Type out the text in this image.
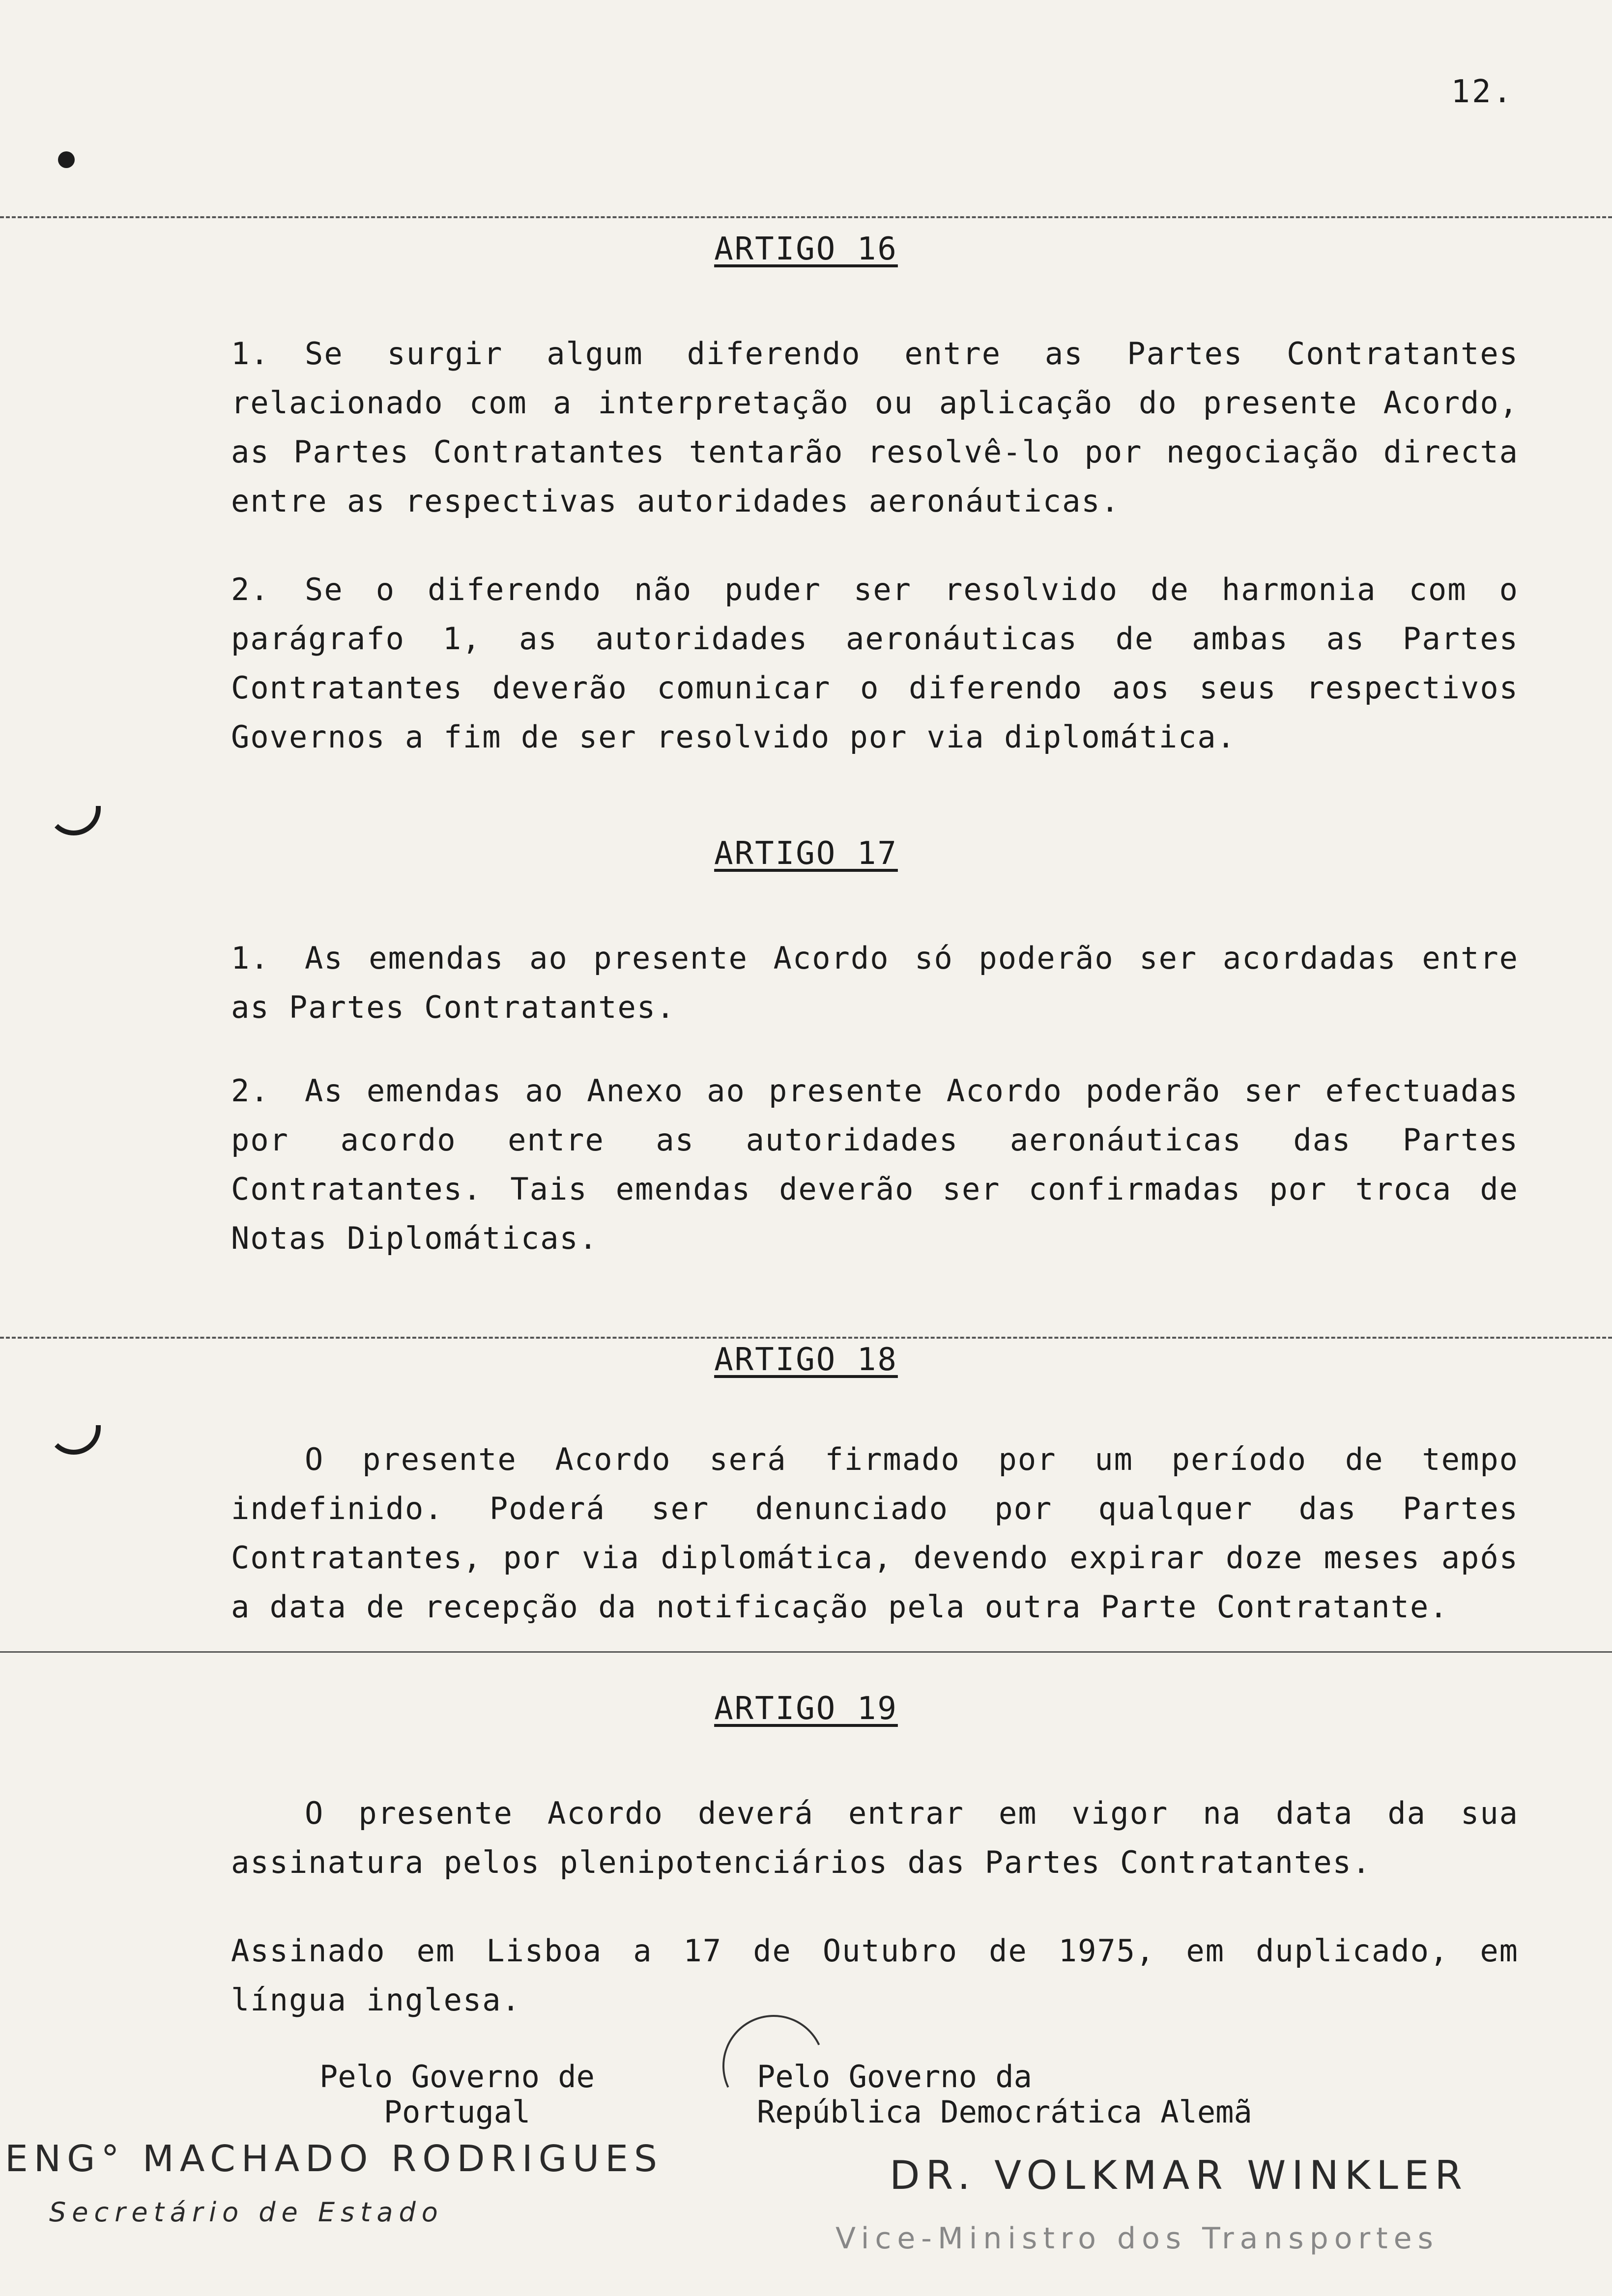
12.
ARTIGO 16
1. Se surgir algum diferendo entre as Partes Contratantes relacionado com a interpretação ou aplicação do presente Acordo, as Partes Contratantes tentarão resolvê-lo por negociação directa entre as respectivas autoridades aeronáuticas.
2. Se o diferendo não puder ser resolvido de harmonia com o parágrafo 1, as autoridades aeronáuticas de ambas as Partes Contratantes deverão comunicar o diferendo aos seus respectivos Governos a fim de ser resolvido por via diplomática.
ARTIGO 17
1. As emendas ao presente Acordo só poderão ser acordadas entre as Partes Contratantes.
2. As emendas ao Anexo ao presente Acordo poderão ser efectuadas por acordo entre as autoridades aeronáuticas das Partes Contratantes. Tais emendas deverão ser confirmadas por troca de Notas Diplomáticas.
ARTIGO 18
O presente Acordo será firmado por um período de tempo indefinido. Poderá ser denunciado por qualquer das Partes Contratantes, por via diplomática, devendo expirar doze meses após a data de recepção da notificação pela outra Parte Contratante.
ARTIGO 19
O presente Acordo deverá entrar em vigor na data da sua assinatura pelos plenipotenciários das Partes Contratantes.
Assinado em Lisboa a 17 de Outubro de 1975, em duplicado, em língua inglesa.
Pelo Governo de
Portugal
Pelo Governo da
República Democrática Alemã
ENG° MACHADO RODRIGUES
Secretário de Estado
DR. VOLKMAR WINKLER
Vice-Ministro dos Transportes
